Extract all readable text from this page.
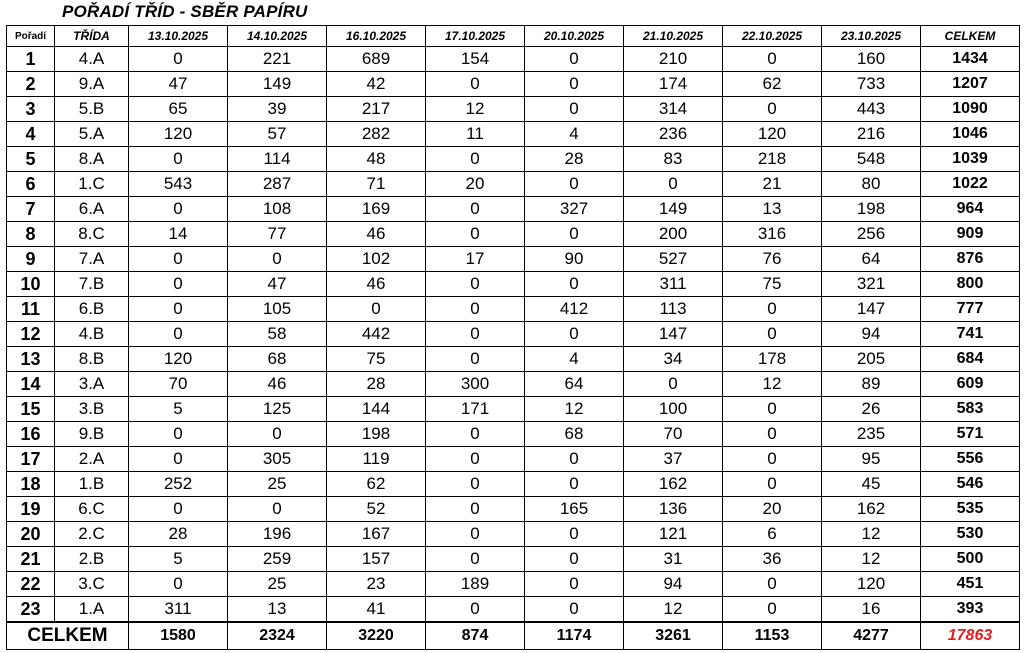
POŘADÍ TŘÍD - SBĚR PAPÍRU
Pořadí	TŘÍDA	13.10.2025	14.10.2025	16.10.2025	17.10.2025	20.10.2025	21.10.2025	22.10.2025	23.10.2025	CELKEM
1	4.A	0	221	689	154	0	210	0	160	1434
2	9.A	47	149	42	0	0	174	62	733	1207
3	5.B	65	39	217	12	0	314	0	443	1090
4	5.A	120	57	282	11	4	236	120	216	1046
5	8.A	0	114	48	0	28	83	218	548	1039
6	1.C	543	287	71	20	0	0	21	80	1022
7	6.A	0	108	169	0	327	149	13	198	964
8	8.C	14	77	46	0	0	200	316	256	909
9	7.A	0	0	102	17	90	527	76	64	876
10	7.B	0	47	46	0	0	311	75	321	800
11	6.B	0	105	0	0	412	113	0	147	777
12	4.B	0	58	442	0	0	147	0	94	741
13	8.B	120	68	75	0	4	34	178	205	684
14	3.A	70	46	28	300	64	0	12	89	609
15	3.B	5	125	144	171	12	100	0	26	583
16	9.B	0	0	198	0	68	70	0	235	571
17	2.A	0	305	119	0	0	37	0	95	556
18	1.B	252	25	62	0	0	162	0	45	546
19	6.C	0	0	52	0	165	136	20	162	535
20	2.C	28	196	167	0	0	121	6	12	530
21	2.B	5	259	157	0	0	31	36	12	500
22	3.C	0	25	23	189	0	94	0	120	451
23	1.A	311	13	41	0	0	12	0	16	393
CELKEM		1580	2324	3220	874	1174	3261	1153	4277	17863
